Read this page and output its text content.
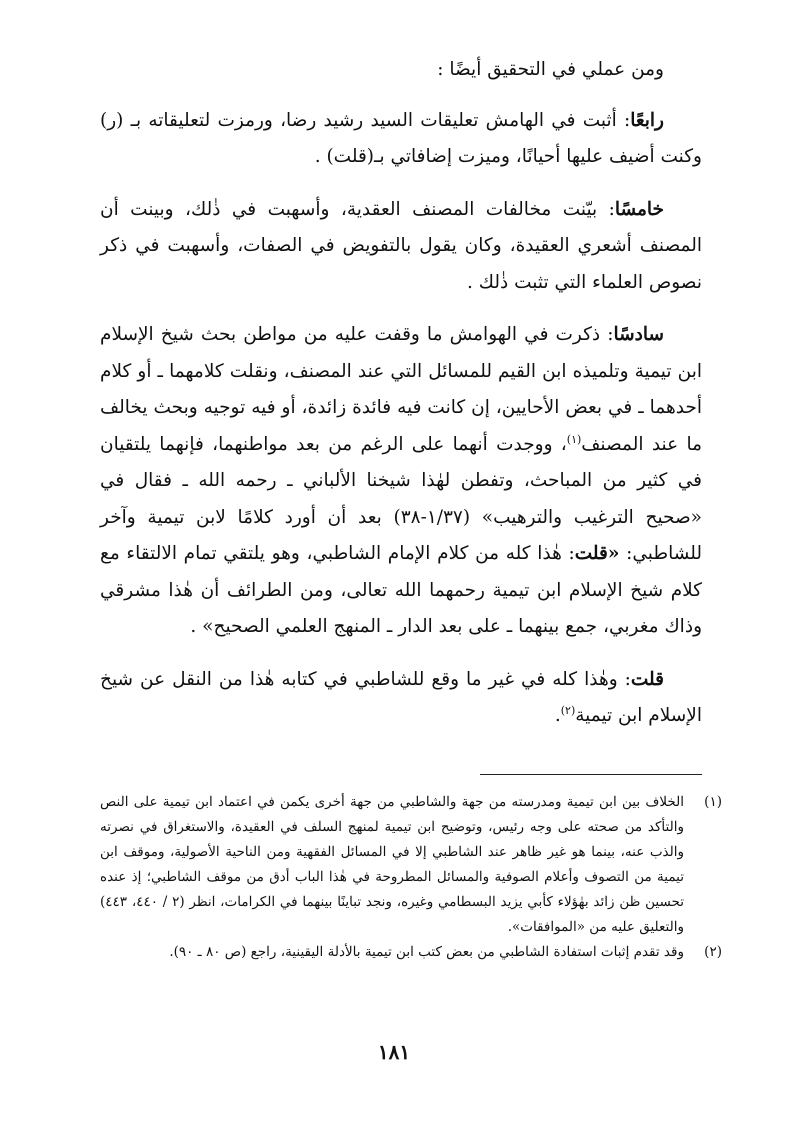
ومن عملي في التحقيق أيضًا :

رابعًا: أثبت في الهامش تعليقات السيد رشيد رضا، ورمزت لتعليقاته بـ (ر) وكنت أضيف عليها أحيانًا، وميزت إضافاتي بـ(قلت) .

خامسًا: بيّنت مخالفات المصنف العقدية، وأسهبت في ذٰلك، وبينت أن المصنف أشعري العقيدة، وكان يقول بالتفويض في الصفات، وأسهبت في ذكر نصوص العلماء التي تثبت ذٰلك .

سادسًا: ذكرت في الهوامش ما وقفت عليه من مواطن بحث شيخ الإسلام ابن تيمية وتلميذه ابن القيم للمسائل التي عند المصنف، ونقلت كلامهما ـ أو كلام أحدهما ـ في بعض الأحايين، إن كانت فيه فائدة زائدة، أو فيه توجيه وبحث يخالف ما عند المصنف$^{(١)}$، ووجدت أنهما على الرغم من بعد مواطنهما، فإنهما يلتقيان في كثير من المباحث، وتفطن لهٰذا شيخنا الألباني ـ رحمه الله ـ فقال في «صحيح الترغيب والترهيب» (١/٣٧-٣٨) بعد أن أورد كلامًا لابن تيمية وآخر للشاطبي: «قلت: هٰذا كله من كلام الإمام الشاطبي، وهو يلتقي تمام الالتقاء مع كلام شيخ الإسلام ابن تيمية رحمهما الله تعالى، ومن الطرائف أن هٰذا مشرقي وذاك مغربي، جمع بينهما ـ على بعد الدار ـ المنهج العلمي الصحيح» .

قلت: وهٰذا كله في غير ما وقع للشاطبي في كتابه هٰذا من النقل عن شيخ الإسلام ابن تيمية$^{(٢)}$.

(١)
الخلاف بين ابن تيمية ومدرسته من جهة والشاطبي من جهة أخرى يكمن في اعتماد ابن تيمية على النص والتأكد من صحته على وجه رئيس، وتوضيح ابن تيمية لمنهج السلف في العقيدة، والاستغراق في نصرته والذب عنه، بينما هو غير ظاهر عند الشاطبي إلا في المسائل الفقهية ومن الناحية الأصولية، وموقف ابن تيمية من التصوف وأعلام الصوفية والمسائل المطروحة في هٰذا الباب أدق من موقف الشاطبي؛ إذ عنده تحسين ظن زائد بهٰؤلاء كأبي يزيد البسطامي وغيره، ونجد تباينًا بينهما في الكرامات، انظر (٢ / ٤٤٠، ٤٤٣) والتعليق عليه من «الموافقات».
(٢)
وقد تقدم إثبات استفادة الشاطبي من بعض كتب ابن تيمية بالأدلة اليقينية، راجع (ص ٨٠ ـ ٩٠).
١٨١
